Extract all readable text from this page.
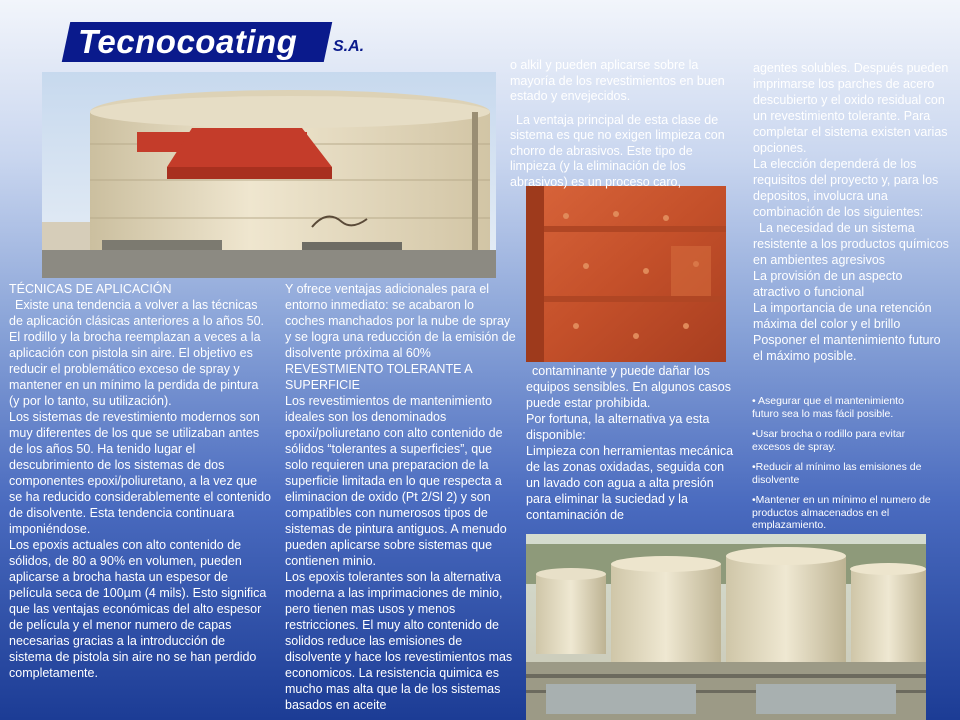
Tecnocoating S.A.

TÉCNICAS DE APLICACIÓN

Existe una tendencia a volver a las técnicas de aplicación clásicas anteriores a lo años 50. El rodillo y la brocha reemplazan a veces a la aplicación con pistola sin aire. El objetivo es reducir el problemático exceso de spray y mantener en un mínimo la perdida de pintura (y por lo tanto, su utilización).

Los sistemas de revestimiento modernos son muy diferentes de los que se utilizaban antes de los años 50. Ha tenido lugar el descubrimiento de los sistemas de dos componentes epoxi/poliuretano, a la vez que se ha reducido considerablemente el contenido de disolvente. Esta tendencia continuara imponiéndose.

Los epoxis actuales con alto contenido de sólidos, de 80 a 90% en volumen, pueden aplicarse a brocha hasta un espesor de película seca de 100µm (4 mils). Esto significa que las ventajas económicas del alto espesor de película y el menor numero de capas necesarias gracias a la introducción de sistema de pistola sin aire no se han perdido completamente.

Y ofrece ventajas adicionales para el entorno inmediato: se acabaron lo coches manchados por la nube de spray y se logra una reducción de la emisión de disolvente próxima al 60%

REVESTMIENTO TOLERANTE A SUPERFICIE

Los revestimientos de mantenimiento ideales son los denominados epoxi/poliuretano con alto contenido de sólidos “tolerantes a superficies”, que solo requieren una preparacion de la superficie limitada en lo que respecta a eliminacion de oxido (Pt 2/Sl 2) y son compatibles con numerosos tipos de sistemas de pintura antiguos. A menudo pueden aplicarse sobre sistemas que contienen minio.

Los epoxis tolerantes son la alternativa moderna a las imprimaciones de minio, pero tienen mas usos y menos restricciones. El muy alto contenido de solidos reduce las emisiones de disolvente y hace los revestimientos mas economicos. La resistencia quimica es mucho mas alta que la de los sistemas basados en aceite

o alkil y pueden aplicarse sobre la mayoría de los revestimientos en buen estado y envejecidos.

La ventaja principal de esta clase de sistema es que no exigen limpieza con chorro de abrasivos. Este tipo de limpieza (y la eliminación de los abrasivos) es un proceso caro,

contaminante y puede dañar los equipos sensibles. En algunos casos puede estar prohibida.

Por fortuna, la alternativa ya esta disponible:

Limpieza con herramientas mecánica de las zonas oxidadas, seguida con un lavado con agua a alta presión para eliminar la suciedad y la contaminación de

agentes solubles. Después pueden imprimarse los parches de acero descubierto y el oxido residual con un revestimiento tolerante. Para completar el sistema existen varias opciones.

La elección dependerá de los requisitos del proyecto y, para los depositos, involucra una combinación de los siguientes:

La necesidad de un sistema resistente a los productos químicos en ambientes agresivos

La provisión de un aspecto atractivo o funcional

La importancia de una retención máxima del color y el brillo

Posponer el mantenimiento futuro el máximo posible.

• Asegurar que el mantenimiento futuro sea lo mas fácil posible.

•Usar brocha o rodillo para evitar excesos de spray.

•Reducir al mínimo las emisiones de disolvente

•Mantener en un mínimo el numero de productos almacenados en el emplazamiento.
